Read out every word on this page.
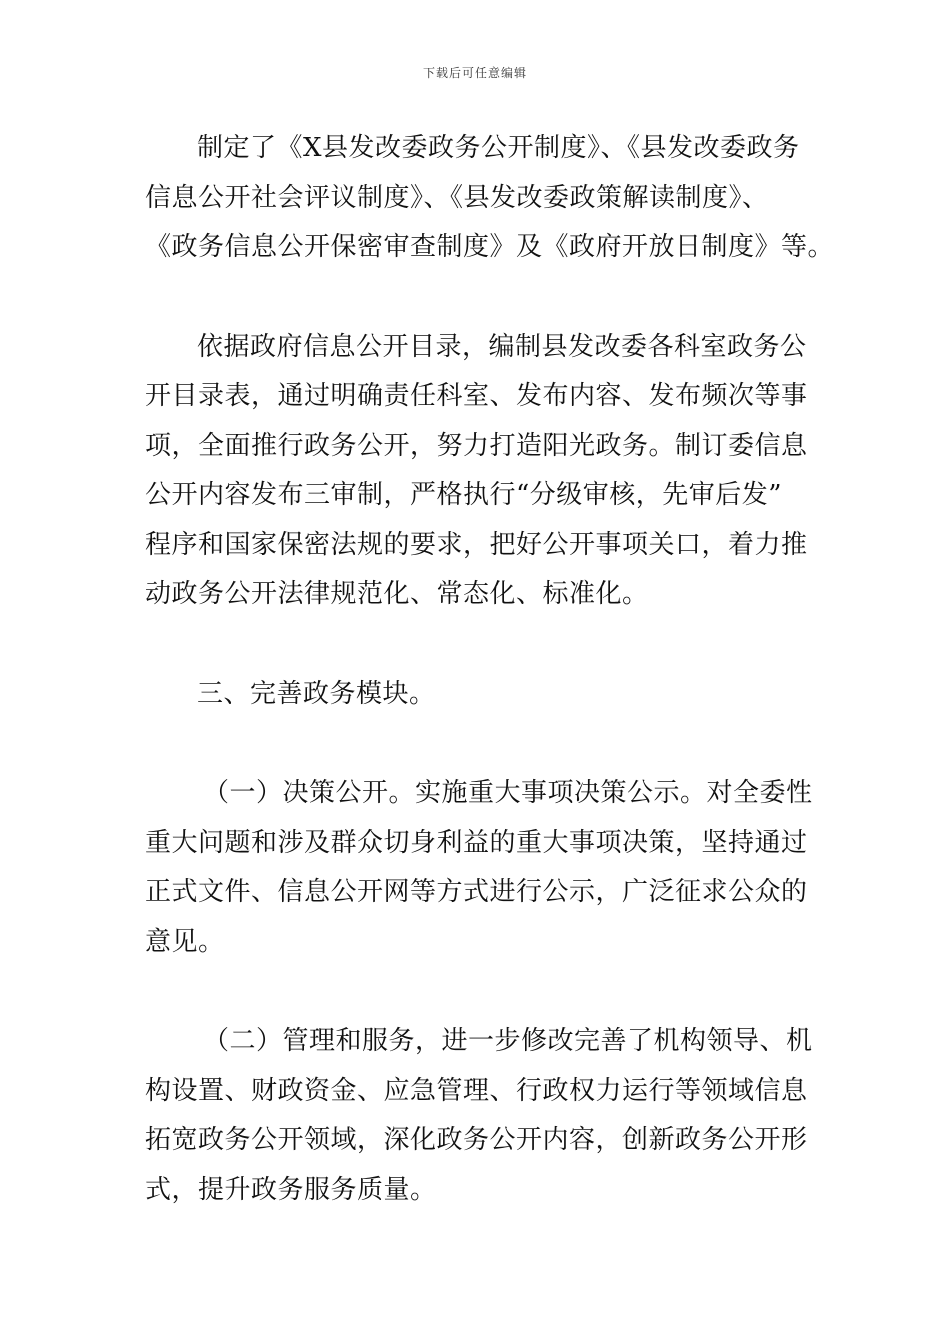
下载后可任意编辑

制定了《X县发改委政务公开制度》、《县发改委政务
信息公开社会评议制度》、《县发改委政策解读制度》、
《政务信息公开保密审查制度》及《政府开放日制度》等。

依据政府信息公开目录，编制县发改委各科室政务公
开目录表，通过明确责任科室、发布内容、发布频次等事
项，全面推行政务公开，努力打造阳光政务。制订委信息
公开内容发布三审制，严格执行“分级审核，先审后发”
程序和国家保密法规的要求，把好公开事项关口，着力推
动政务公开法律规范化、常态化、标准化。

三、完善政务模块。

（一）决策公开。实施重大事项决策公示。对全委性
重大问题和涉及群众切身利益的重大事项决策，坚持通过
正式文件、信息公开网等方式进行公示，广泛征求公众的
意见。

（二）管理和服务，进一步修改完善了机构领导、机
构设置、财政资金、应急管理、行政权力运行等领域信息
拓宽政务公开领域，深化政务公开内容，创新政务公开形
式，提升政务服务质量。
